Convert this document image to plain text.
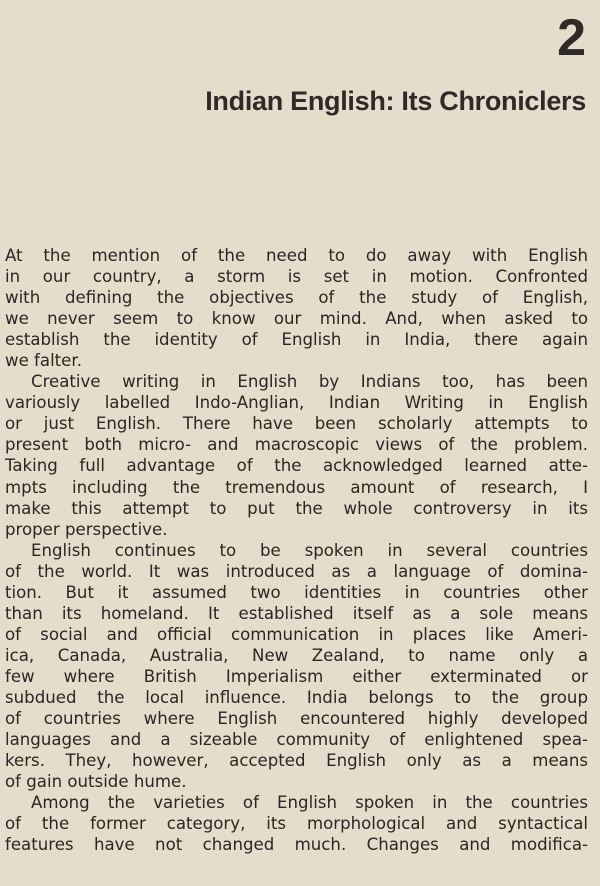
2
Indian English: Its Chroniclers
At the mention of the need to do away with English
in our country, a storm is set in motion. Confronted
with defining the objectives of the study of English,
we never seem to know our mind. And, when asked to
establish the identity of English in India, there again
we falter.
Creative writing in English by Indians too, has been
variously labelled Indo-Anglian, Indian Writing in English
or just English. There have been scholarly attempts to
present both micro- and macroscopic views of the problem.
Taking full advantage of the acknowledged learned atte-
mpts including the tremendous amount of research, I
make this attempt to put the whole controversy in its
proper perspective.
English continues to be spoken in several countries
of the world. It was introduced as a language of domina-
tion. But it assumed two identities in countries other
than its homeland. It established itself as a sole means
of social and official communication in places like Ameri-
ica, Canada, Australia, New Zealand, to name only a
few where British Imperialism either exterminated or
subdued the local influence. India belongs to the group
of countries where English encountered highly developed
languages and a sizeable community of enlightened spea-
kers. They, however, accepted English only as a means
of gain outside hume.
Among the varieties of English spoken in the countries
of the former category, its morphological and syntactical
features have not changed much. Changes and modifica-
